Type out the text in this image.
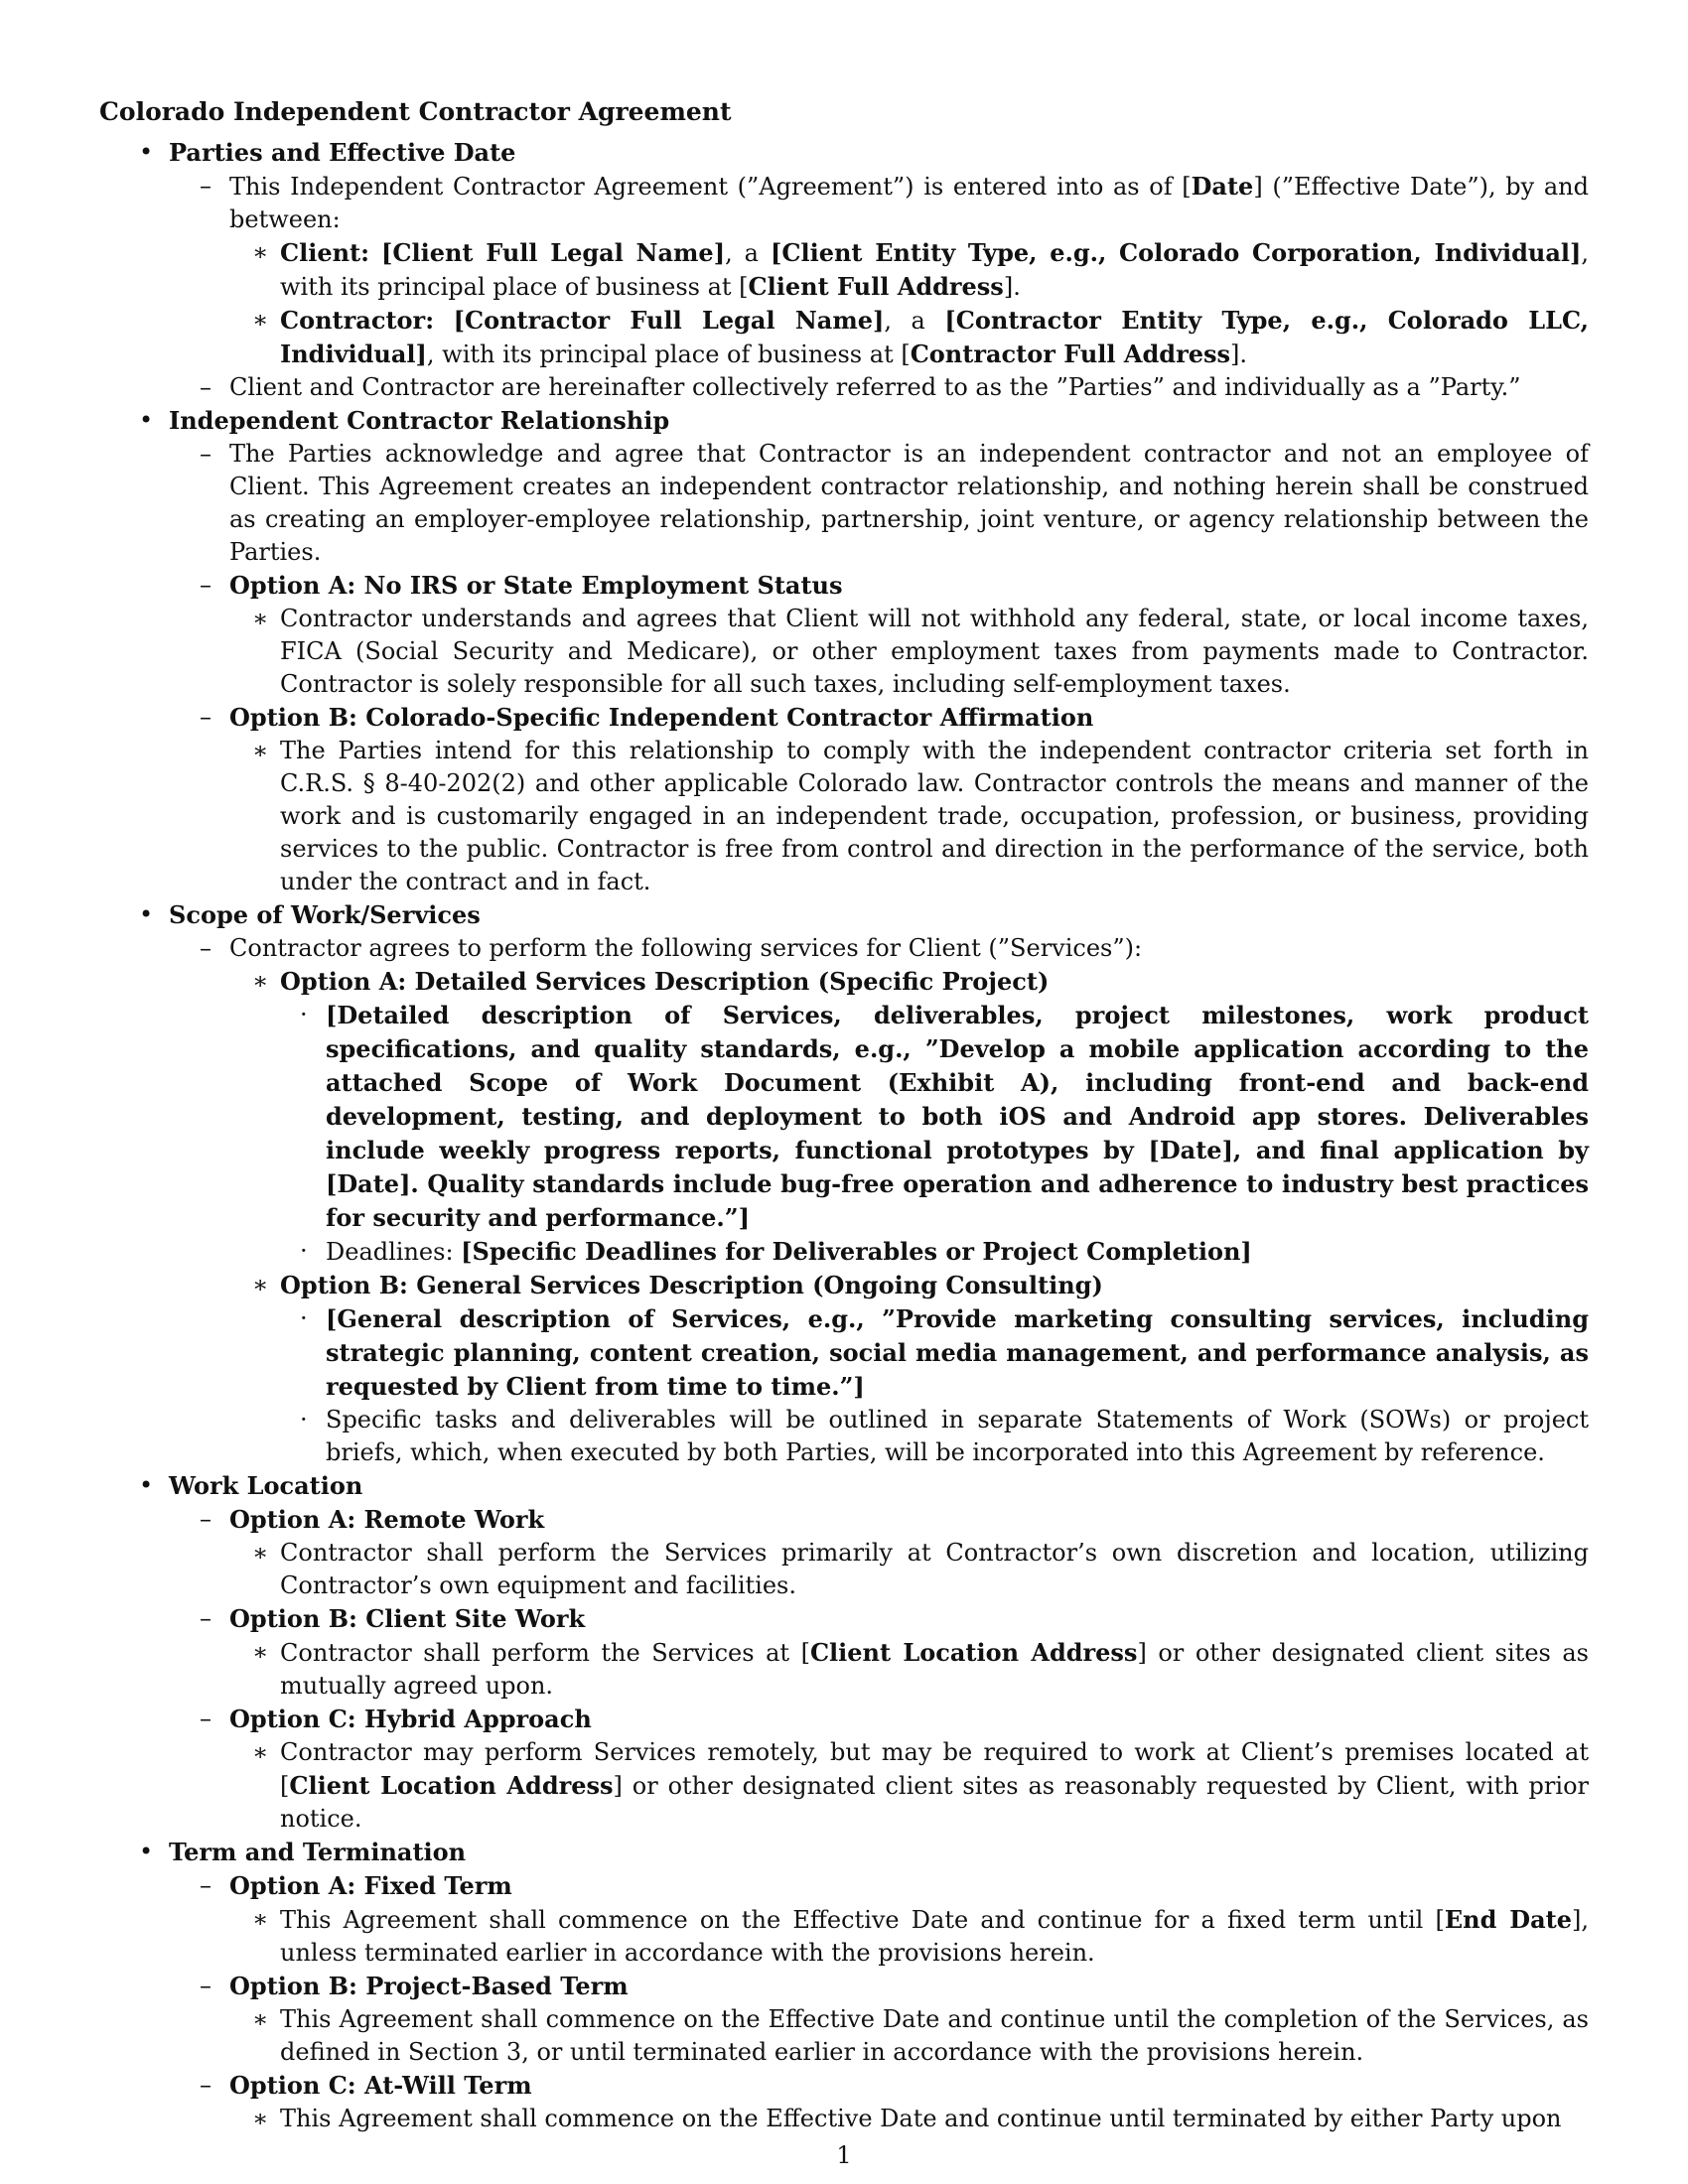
Colorado Independent Contractor Agreement
• Parties and Effective Date
– This Independent Contractor Agreement (”Agreement”) is entered into as of [Date] (”Effective Date”), by and between:
∗ Client: [Client Full Legal Name], a [Client Entity Type, e.g., Colorado Corporation, Individual], with its principal place of business at [Client Full Address].
∗ Contractor: [Contractor Full Legal Name], a [Contractor Entity Type, e.g., Colorado LLC, Individual], with its principal place of business at [Contractor Full Address].
– Client and Contractor are hereinafter collectively referred to as the ”Parties” and individually as a ”Party.”
• Independent Contractor Relationship
– The Parties acknowledge and agree that Contractor is an independent contractor and not an employee of Client. This Agreement creates an independent contractor relationship, and nothing herein shall be construed as creating an employer-employee relationship, partnership, joint venture, or agency relationship between the Parties.
– Option A: No IRS or State Employment Status
∗ Contractor understands and agrees that Client will not withhold any federal, state, or local income taxes, FICA (Social Security and Medicare), or other employment taxes from payments made to Contractor. Contractor is solely responsible for all such taxes, including self-employment taxes.
– Option B: Colorado-Specific Independent Contractor Affirmation
∗ The Parties intend for this relationship to comply with the independent contractor criteria set forth in C.R.S. § 8-40-202(2) and other applicable Colorado law. Contractor controls the means and manner of the work and is customarily engaged in an independent trade, occupation, profession, or business, providing services to the public. Contractor is free from control and direction in the performance of the service, both under the contract and in fact.
• Scope of Work/Services
– Contractor agrees to perform the following services for Client (”Services”):
∗ Option A: Detailed Services Description (Specific Project)
· [Detailed description of Services, deliverables, project milestones, work product specifications, and quality standards, e.g., ”Develop a mobile application according to the attached Scope of Work Document (Exhibit A), including front-end and back-end development, testing, and deployment to both iOS and Android app stores. Deliverables include weekly progress reports, functional prototypes by [Date], and final application by [Date]. Quality standards include bug-free operation and adherence to industry best practices for security and performance.”]
· Deadlines: [Specific Deadlines for Deliverables or Project Completion]
∗ Option B: General Services Description (Ongoing Consulting)
· [General description of Services, e.g., ”Provide marketing consulting services, including strategic planning, content creation, social media management, and performance analysis, as requested by Client from time to time.”]
· Specific tasks and deliverables will be outlined in separate Statements of Work (SOWs) or project briefs, which, when executed by both Parties, will be incorporated into this Agreement by reference.
• Work Location
– Option A: Remote Work
∗ Contractor shall perform the Services primarily at Contractor’s own discretion and location, utilizing Contractor’s own equipment and facilities.
– Option B: Client Site Work
∗ Contractor shall perform the Services at [Client Location Address] or other designated client sites as mutually agreed upon.
– Option C: Hybrid Approach
∗ Contractor may perform Services remotely, but may be required to work at Client’s premises located at [Client Location Address] or other designated client sites as reasonably requested by Client, with prior notice.
• Term and Termination
– Option A: Fixed Term
∗ This Agreement shall commence on the Effective Date and continue for a fixed term until [End Date], unless terminated earlier in accordance with the provisions herein.
– Option B: Project-Based Term
∗ This Agreement shall commence on the Effective Date and continue until the completion of the Services, as defined in Section 3, or until terminated earlier in accordance with the provisions herein.
– Option C: At-Will Term
∗ This Agreement shall commence on the Effective Date and continue until terminated by either Party upon
1
